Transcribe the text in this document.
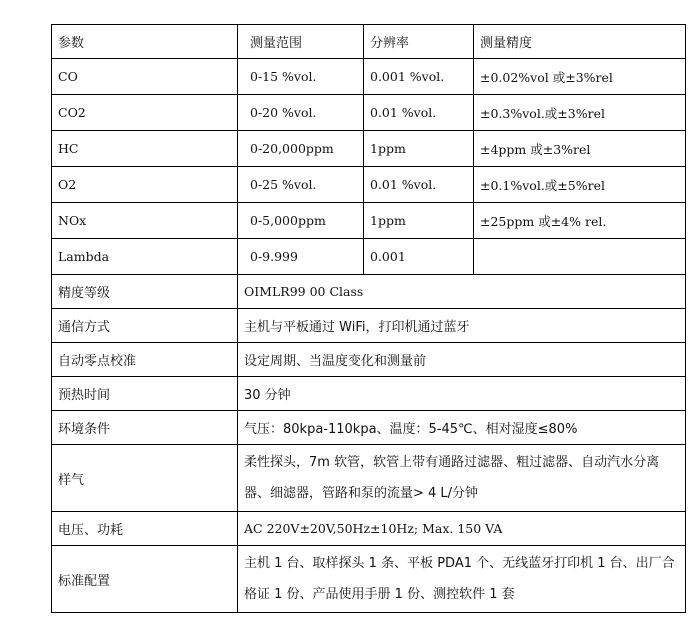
参数	测量范围	分辨率	测量精度
CO	0-15 %vol.	0.001 %vol.	±0.02%vol 或±3%rel
CO2	0-20 %vol.	0.01 %vol.	±0.3%vol.或±3%rel
HC	0-20,000ppm	1ppm	±4ppm 或±3%rel
O2	0-25 %vol.	0.01 %vol.	±0.1%vol.或±5%rel
NOx	0-5,000ppm	1ppm	±25ppm 或±4% rel.
Lambda	0-9.999	0.001	
精度等级	OIMLR99 00 Class		
通信方式	主机与平板通过 WiFi，打印机通过蓝牙		
自动零点校准	设定周期、当温度变化和测量前		
预热时间	30 分钟		
环境条件	气压：80kpa-110kpa、温度：5-45℃、相对湿度≤80%		
样气	柔性探头，7m 软管，软管上带有通路过滤器、粗过滤器、自动汽水分离器、细滤器，管路和泵的流量> 4 L/分钟		
电压、功耗	AC 220V±20V,50Hz±10Hz; Max. 150 VA		
标准配置	主机 1 台、取样探头 1 条、平板 PDA1 个、无线蓝牙打印机 1 台、出厂合格证 1 份、产品使用手册 1 份、测控软件 1 套		
